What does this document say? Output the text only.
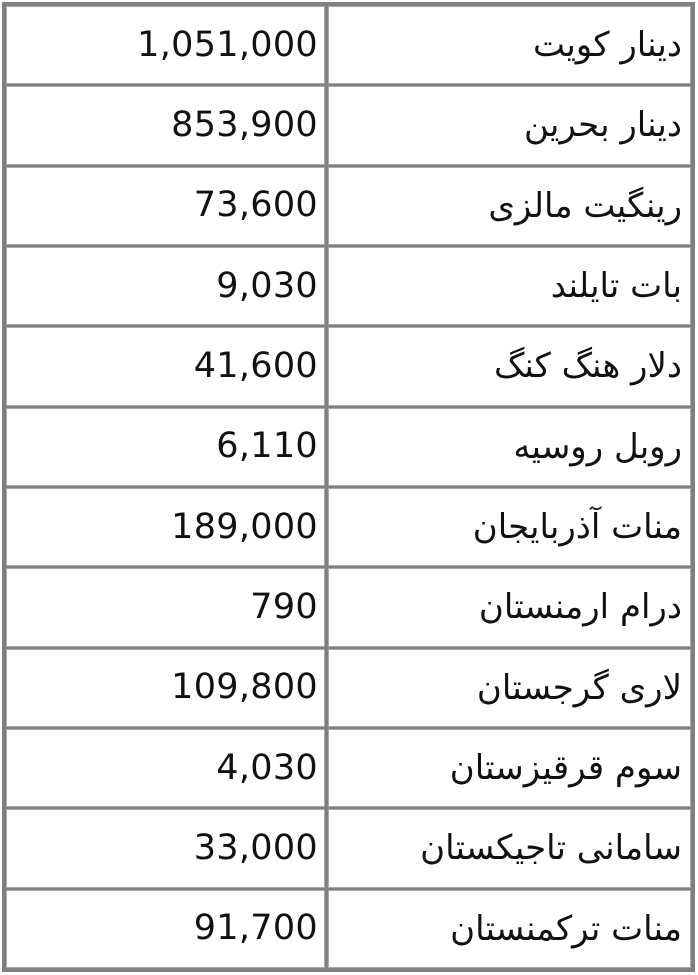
1,051,000	دینار کویت
853,900	دینار بحرین
73,600	رینگیت مالزی
9,030	بات تایلند
41,600	دلار هنگ کنگ
6,110	روبل روسیه
189,000	منات آذربایجان
790	درام ارمنستان
109,800	لاری گرجستان
4,030	سوم قرقیزستان
33,000	سامانی تاجیکستان
91,700	منات ترکمنستان
